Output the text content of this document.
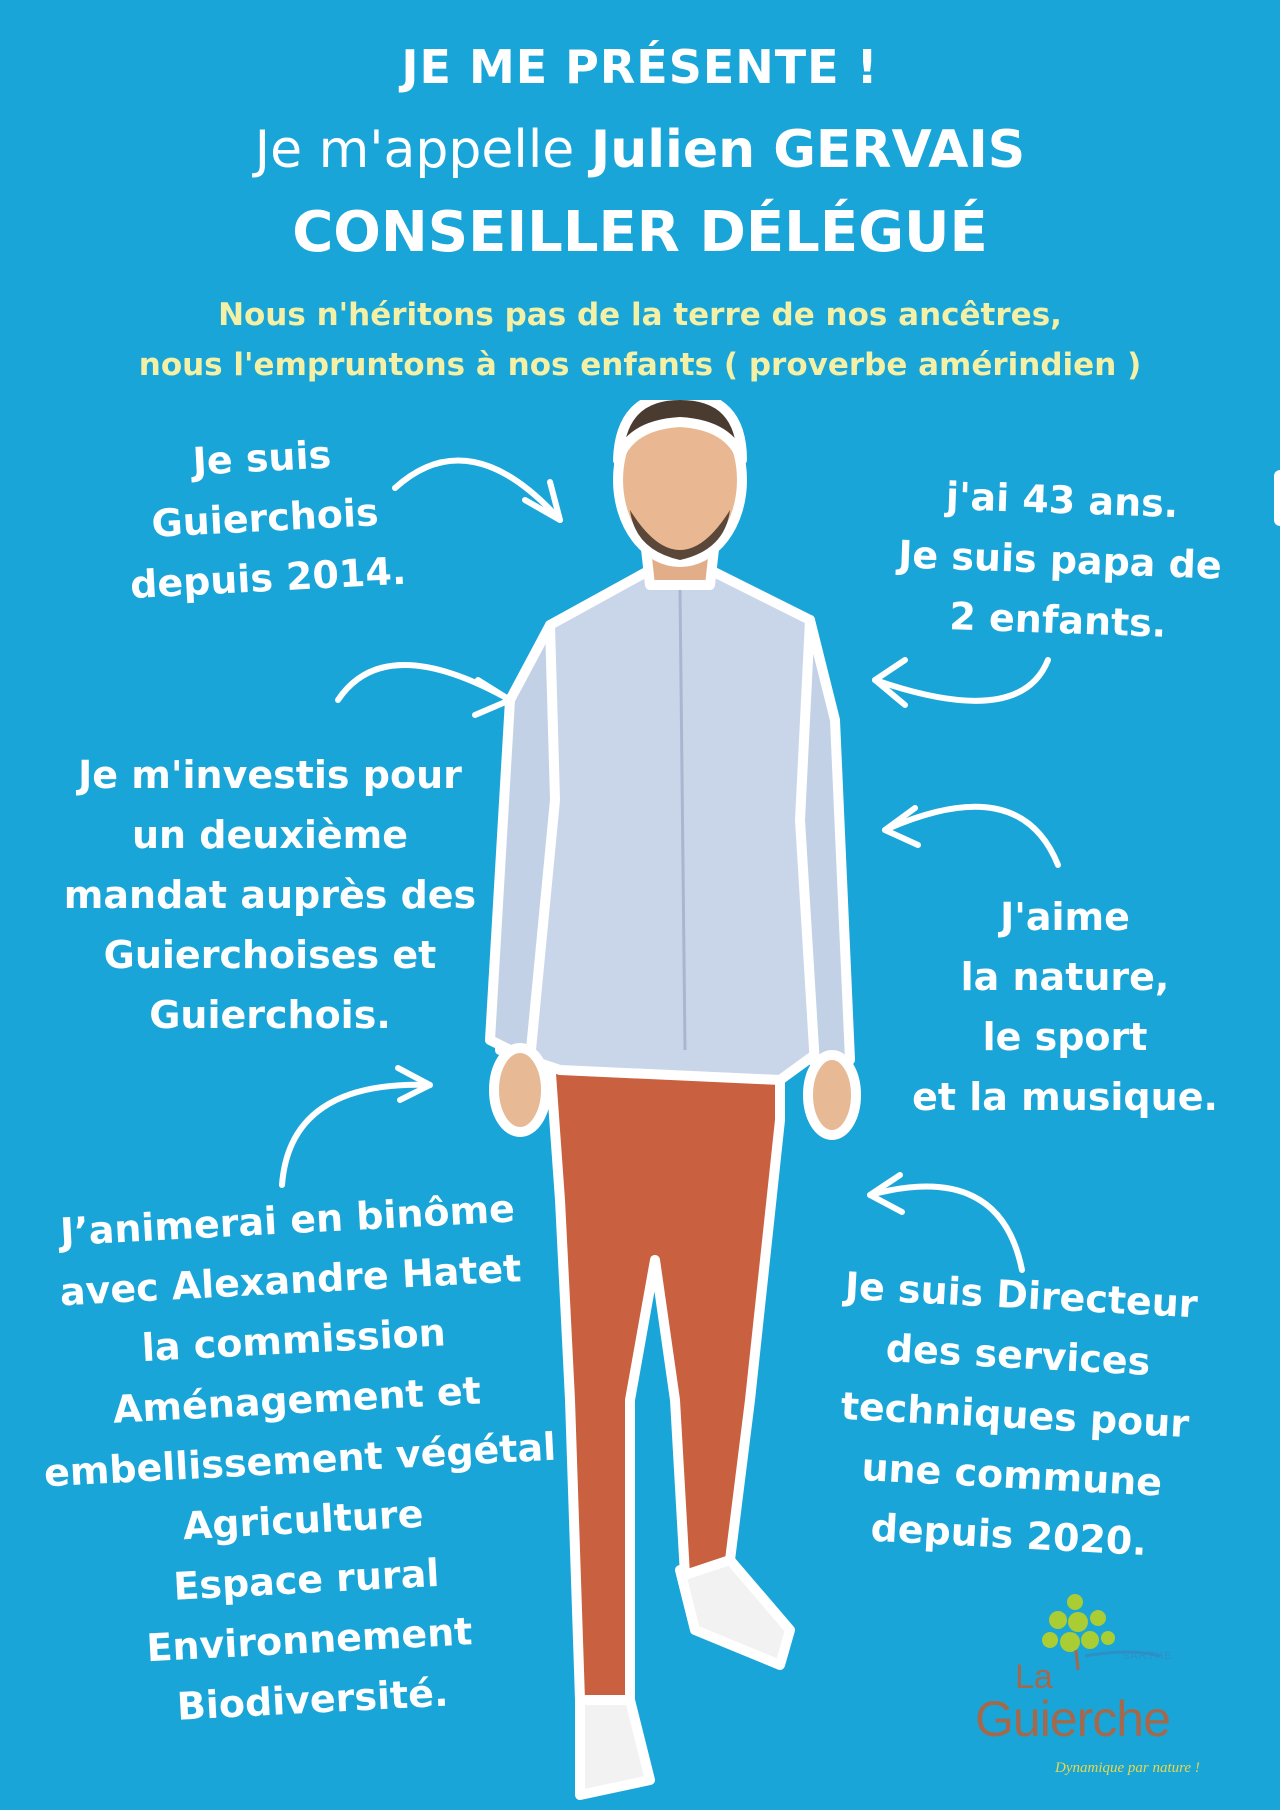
JE ME PRÉSENTE !
Je m'appelle Julien GERVAIS
CONSEILLER DÉLÉGUÉ
Nous n'héritons pas de la terre de nos ancêtres,
nous l'empruntons à nos enfants ( proverbe amérindien )
Je suis
Guierchois
depuis 2014.
j'ai 43 ans.
Je suis papa de
2 enfants.
Je m'investis pour
un deuxième
mandat auprès des
Guierchoises et
Guierchois.
J'aime
la nature,
le sport
et la musique.
J’animerai en binôme
avec Alexandre Hatet
la commission
Aménagement et
embellissement végétal
Agriculture
Espace rural
Environnement
Biodiversité.
Je suis Directeur
des services
techniques pour
une commune
depuis 2020.
SARTHE
La
Guierche
Dynamique par nature !
